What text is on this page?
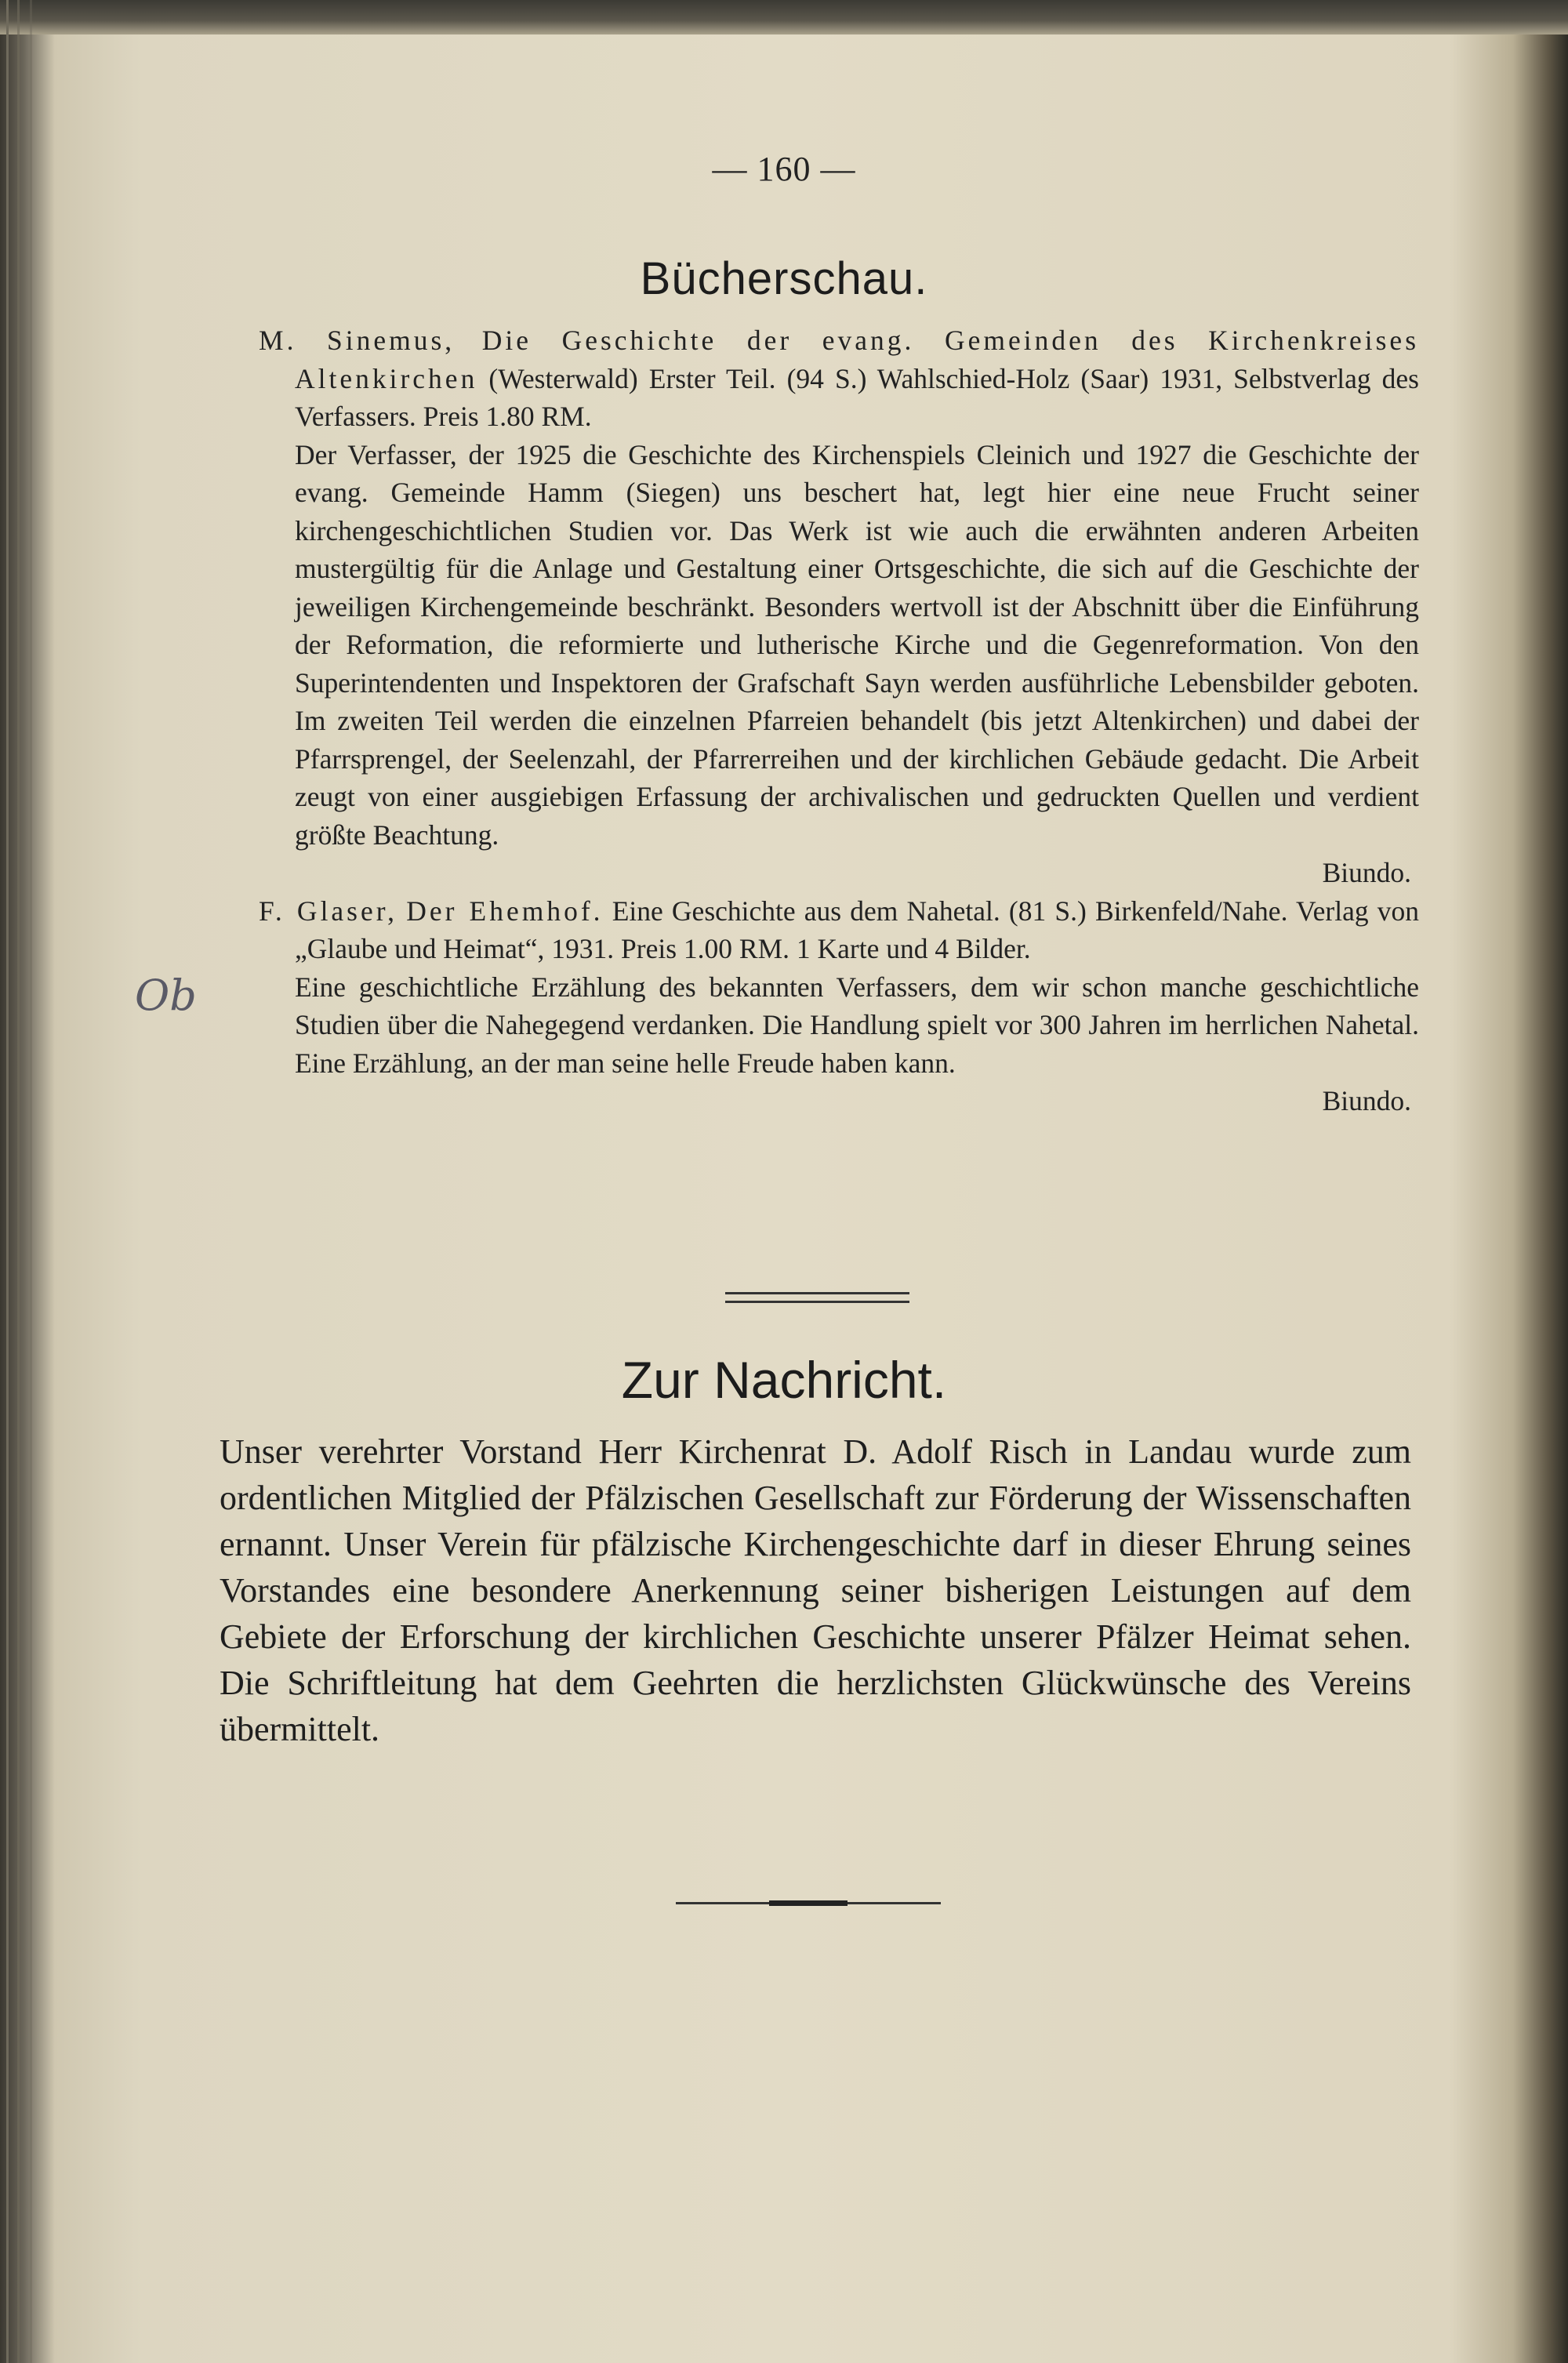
— 160 —
Bücherschau.

M. Sinemus, Die Geschichte der evang. Gemeinden des Kirchenkreises Altenkirchen (Westerwald) Erster Teil. (94 S.) Wahlschied-Holz (Saar) 1931, Selbstverlag des Verfassers. Preis 1.80 RM.

Der Verfasser, der 1925 die Geschichte des Kirchenspiels Cleinich und 1927 die Geschichte der evang. Gemeinde Hamm (Siegen) uns beschert hat, legt hier eine neue Frucht seiner kirchengeschichtlichen Studien vor. Das Werk ist wie auch die erwähnten anderen Arbeiten mustergültig für die Anlage und Gestaltung einer Ortsgeschichte, die sich auf die Geschichte der jeweiligen Kirchengemeinde beschränkt. Besonders wertvoll ist der Abschnitt über die Einführung der Reformation, die reformierte und lutherische Kirche und die Gegenreformation. Von den Superintendenten und Inspektoren der Grafschaft Sayn werden ausführliche Lebensbilder geboten. Im zweiten Teil werden die einzelnen Pfarreien behandelt (bis jetzt Altenkirchen) und dabei der Pfarrsprengel, der Seelenzahl, der Pfarrerreihen und der kirchlichen Gebäude gedacht. Die Arbeit zeugt von einer ausgiebigen Erfassung der archivalischen und gedruckten Quellen und verdient größte Beachtung.

Biundo.

F. Glaser, Der Ehemhof. Eine Geschichte aus dem Nahetal. (81 S.) Birkenfeld/Nahe. Verlag von „Glaube und Heimat“, 1931. Preis 1.00 RM. 1 Karte und 4 Bilder.

Eine geschichtliche Erzählung des bekannten Verfassers, dem wir schon manche geschichtliche Studien über die Nahegegend verdanken. Die Handlung spielt vor 300 Jahren im herrlichen Nahetal. Eine Erzählung, an der man seine helle Freude haben kann.

Biundo.
Ob
Zur Nachricht.

Unser verehrter Vorstand Herr Kirchenrat D. Adolf Risch in Landau wurde zum ordentlichen Mitglied der Pfälzischen Gesellschaft zur Förderung der Wissenschaften ernannt. Unser Verein für pfälzische Kirchengeschichte darf in dieser Ehrung seines Vorstandes eine besondere Anerkennung seiner bisherigen Leistungen auf dem Gebiete der Erforschung der kirchlichen Geschichte unserer Pfälzer Heimat sehen. Die Schriftleitung hat dem Geehrten die herzlichsten Glückwünsche des Vereins übermittelt.
